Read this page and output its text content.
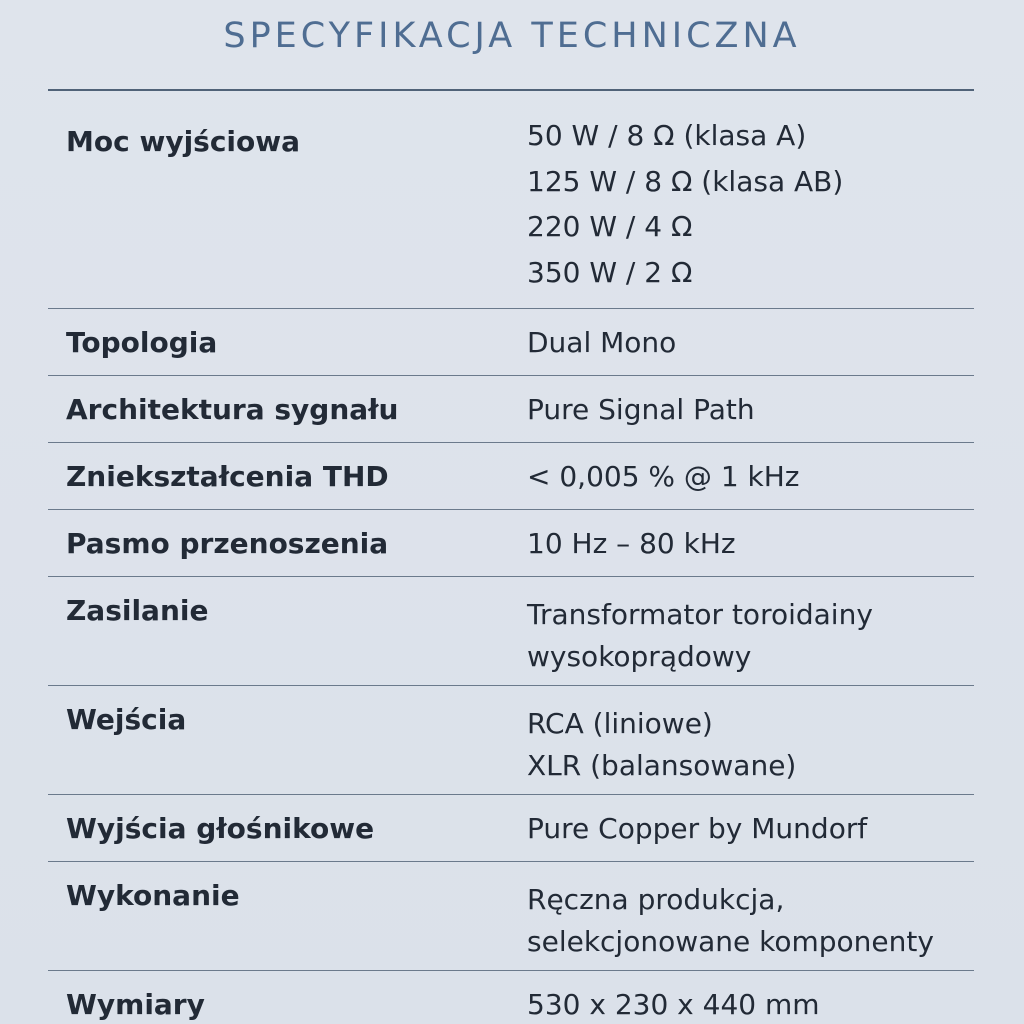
SPECYFIKACJA TECHNICZNA
Moc wyjściowa	50 W / 8 Ω (klasa A)
125 W / 8 Ω (klasa AB)
220 W / 4 Ω
350 W / 2 Ω
Topologia	Dual Mono
Architektura sygnału	Pure Signal Path
Zniekształcenia THD	< 0,005 % @ 1 kHz
Pasmo przenoszenia	10 Hz – 80 kHz
Zasilanie	Transformator toroidainy
wysokoprądowy
Wejścia	RCA (liniowe)
XLR (balansowane)
Wyjścia głośnikowe	Pure Copper by Mundorf
Wykonanie	Ręczna produkcja,
selekcjonowane komponenty
Wymiary	530 x 230 x 440 mm
